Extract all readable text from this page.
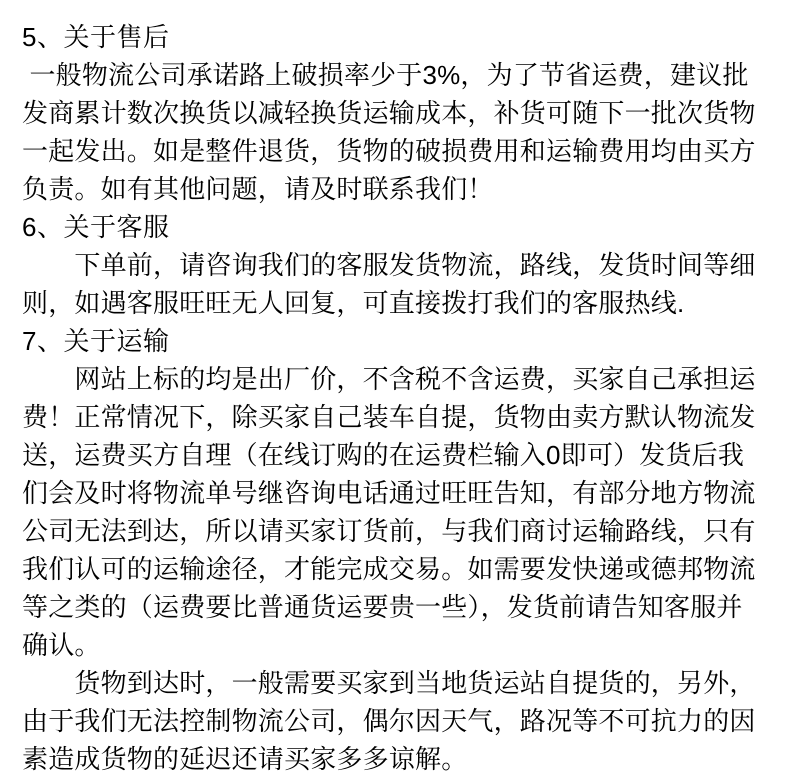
5、关于售后

一般物流公司承诺路上破损率少于3%，为了节省运费，建议批发商累计数次换货以减轻换货运输成本，补货可随下一批次货物一起发出。如是整件退货，货物的破损费用和运输费用均由买方负责。如有其他问题，请及时联系我们！

6、关于客服

　　下单前，请咨询我们的客服发货物流，路线，发货时间等细则，如遇客服旺旺无人回复，可直接拨打我们的客服热线.

7、关于运输

　　网站上标的均是出厂价，不含税不含运费，买家自己承担运费！正常情况下，除买家自己装车自提，货物由卖方默认物流发送，运费买方自理（在线订购的在运费栏输入0即可）发货后我们会及时将物流单号继咨询电话通过旺旺告知，有部分地方物流公司无法到达，所以请买家订货前，与我们商讨运输路线，只有我们认可的运输途径，才能完成交易。如需要发快递或德邦物流等之类的（运费要比普通货运要贵一些），发货前请告知客服并确认。

　　货物到达时，一般需要买家到当地货运站自提货的，另外，由于我们无法控制物流公司，偶尔因天气，路况等不可抗力的因素造成货物的延迟还请买家多多谅解。
